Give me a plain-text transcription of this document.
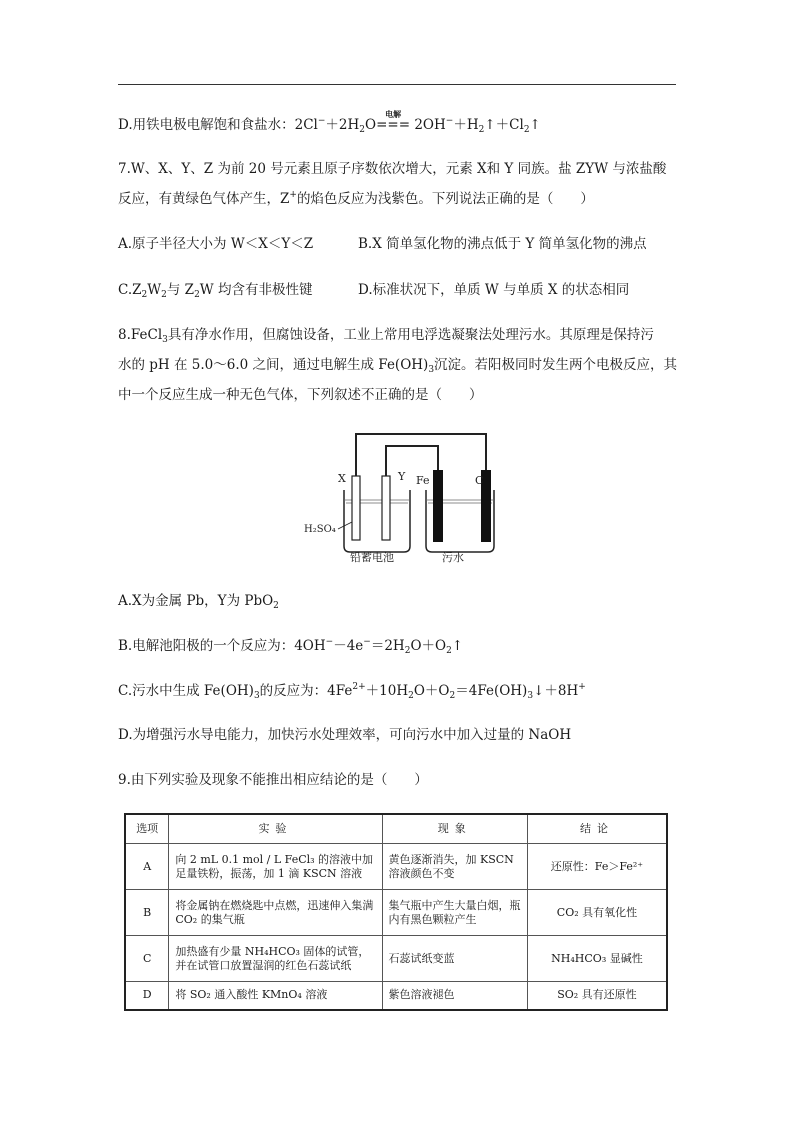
D.用铁电极电解饱和食盐水：$2Cl^-+2H_2O$
电解
=== $2OH^-+H_2↑+Cl_2↑$
7.W、X、Y、Z 为前 20 号元素且原子序数依次增大，元素 X和 Y 同族。盐 ZYW 与浓盐酸
反应，有黄绿色气体产生，Z+的焰色反应为浅紫色。下列说法正确的是（　　）
A.原子半径大小为 W＜X＜Y＜Z	B.X 简单氢化物的沸点低于 Y 简单氢化物的沸点
$C.Z_2W_2$与 $Z_2W$ 均含有非极性键	D.标准状况下，单质 W 与单质 X 的状态相同
8.FeCl$_3$具有净水作用，但腐蚀设备，工业上常用电浮选凝聚法处理污水。其原理是保持污
水的 pH 在 5.0～6.0 之间，通过电解生成 $Fe(OH)_3$沉淀。若阳极同时发生两个电极反应，其
中一个反应生成一种无色气体，下列叙述不正确的是（　　）
X	Y Fe	C
H₂SO₄
铅蓄电池	污水
A.X为金属 Pb，Y为 PbO$_2$
B.电解池阳极的一个反应为：$4OH^--4e^-=2H_2O+O_2↑$
C.污水中生成 $Fe(OH)_3$的反应为：$4Fe^{2+}+10H_2O+O_2=4Fe(OH)_3↓+8H^+$
D.为增强污水导电能力，加快污水处理效率，可向污水中加入过量的 NaOH
9.由下列实验及现象不能推出相应结论的是（　　）
选项	实验	现象	结论
A	向 2 mL 0.1 mol / L FeCl₃ 的溶液中加足量铁粉，振荡，加 1 滴 KSCN 溶液	黄色逐渐消失，加 KSCN 溶液颜色不变	还原性：Fe＞Fe²⁺
B	将金属钠在燃烧匙中点燃，迅速伸入集满 CO₂ 的集气瓶	集气瓶中产生大量白烟，瓶内有黑色颗粒产生	CO₂ 具有氧化性
C	加热盛有少量 NH₄HCO₃ 固体的试管，并在试管口放置湿润的红色石蕊试纸	石蕊试纸变蓝	NH₄HCO₃ 显碱性
D	将 SO₂ 通入酸性 KMnO₄ 溶液	紫色溶液褪色	SO₂ 具有还原性
